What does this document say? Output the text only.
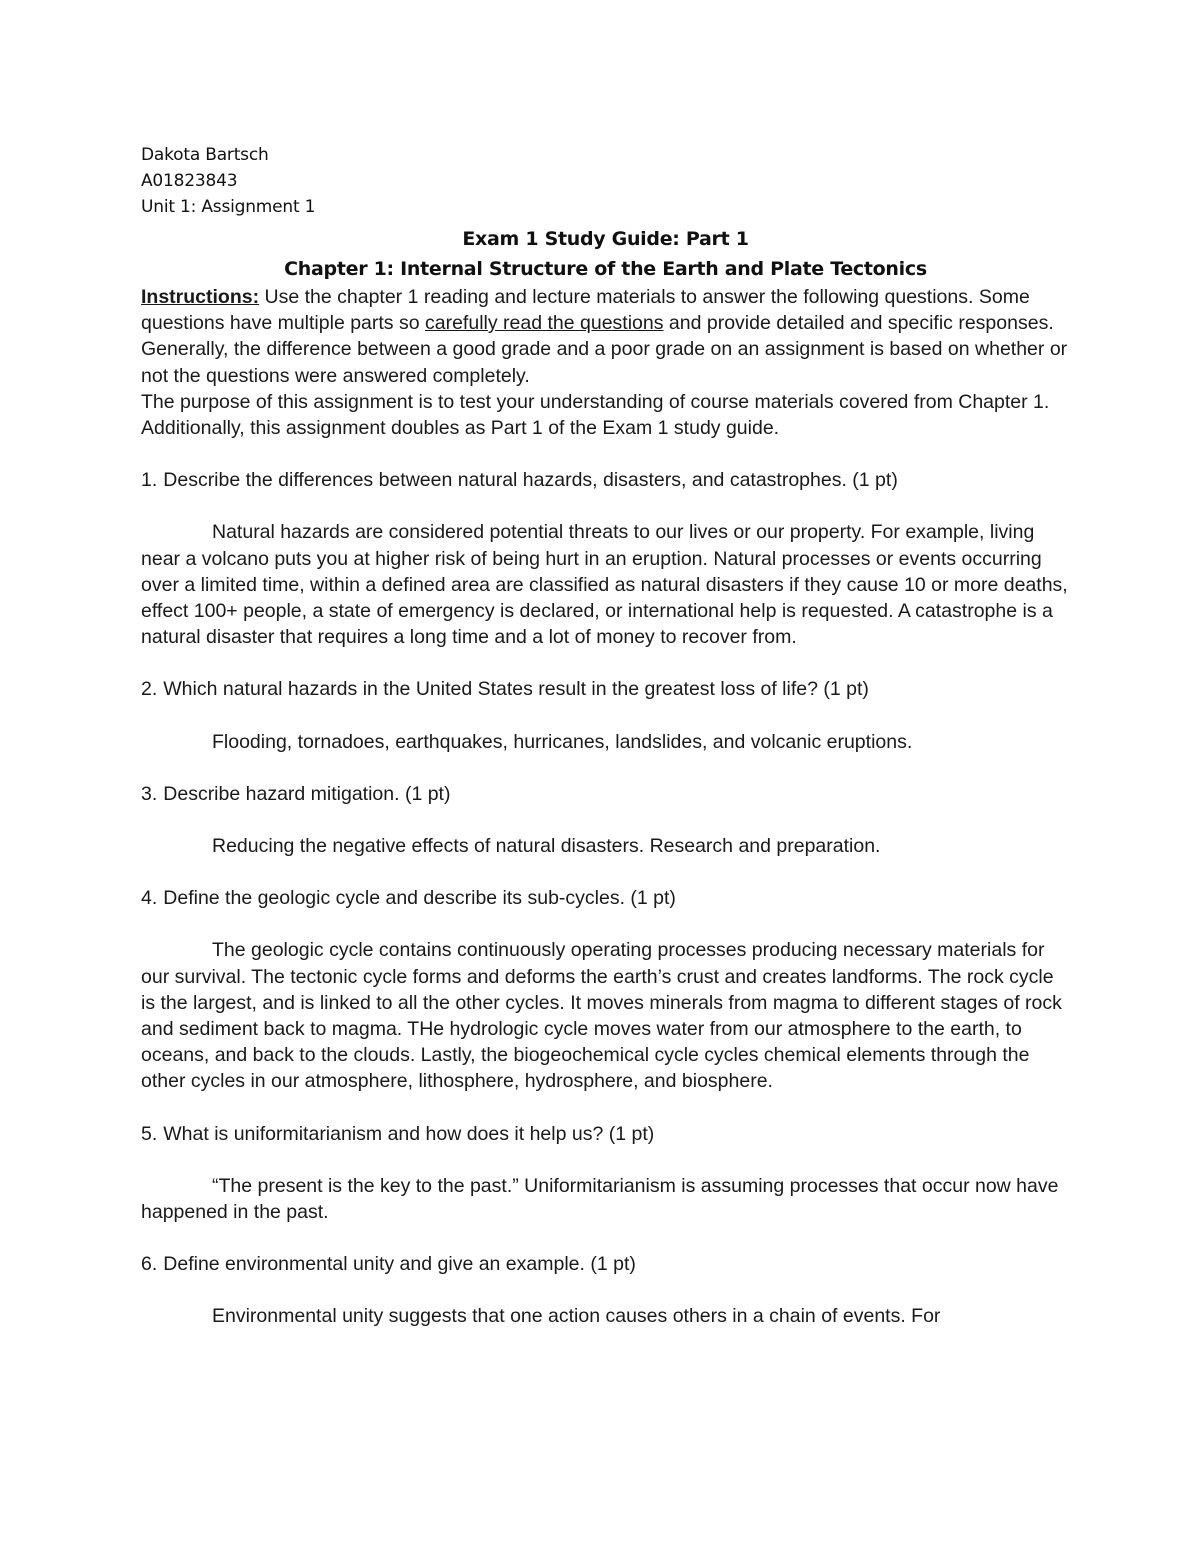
Dakota Bartsch
A01823843
Unit 1: Assignment 1
Exam 1 Study Guide: Part 1
Chapter 1: Internal Structure of the Earth and Plate Tectonics

Instructions: Use the chapter 1 reading and lecture materials to answer the following questions. Some questions have multiple parts so carefully read the questions and provide detailed and specific responses. Generally, the difference between a good grade and a poor grade on an assignment is based on whether or not the questions were answered completely.

The purpose of this assignment is to test your understanding of course materials covered from Chapter 1. Additionally, this assignment doubles as Part 1 of the Exam 1 study guide.

1. Describe the differences between natural hazards, disasters, and catastrophes. (1 pt)

Natural hazards are considered potential threats to our lives or our property. For example, living near a volcano puts you at higher risk of being hurt in an eruption. Natural processes or events occurring over a limited time, within a defined area are classified as natural disasters if they cause 10 or more deaths, effect 100+ people, a state of emergency is declared, or international help is requested. A catastrophe is a natural disaster that requires a long time and a lot of money to recover from.

2. Which natural hazards in the United States result in the greatest loss of life? (1 pt)

Flooding, tornadoes, earthquakes, hurricanes, landslides, and volcanic eruptions.

3. Describe hazard mitigation. (1 pt)

Reducing the negative effects of natural disasters. Research and preparation.

4. Define the geologic cycle and describe its sub-cycles. (1 pt)

The geologic cycle contains continuously operating processes producing necessary materials for our survival. The tectonic cycle forms and deforms the earth’s crust and creates landforms. The rock cycle is the largest, and is linked to all the other cycles. It moves minerals from magma to different stages of rock and sediment back to magma. THe hydrologic cycle moves water from our atmosphere to the earth, to oceans, and back to the clouds. Lastly, the biogeochemical cycle cycles chemical elements through the other cycles in our atmosphere, lithosphere, hydrosphere, and biosphere.

5. What is uniformitarianism and how does it help us? (1 pt)

“The present is the key to the past.” Uniformitarianism is assuming processes that occur now have happened in the past.

6. Define environmental unity and give an example. (1 pt)

Environmental unity suggests that one action causes others in a chain of events. For
